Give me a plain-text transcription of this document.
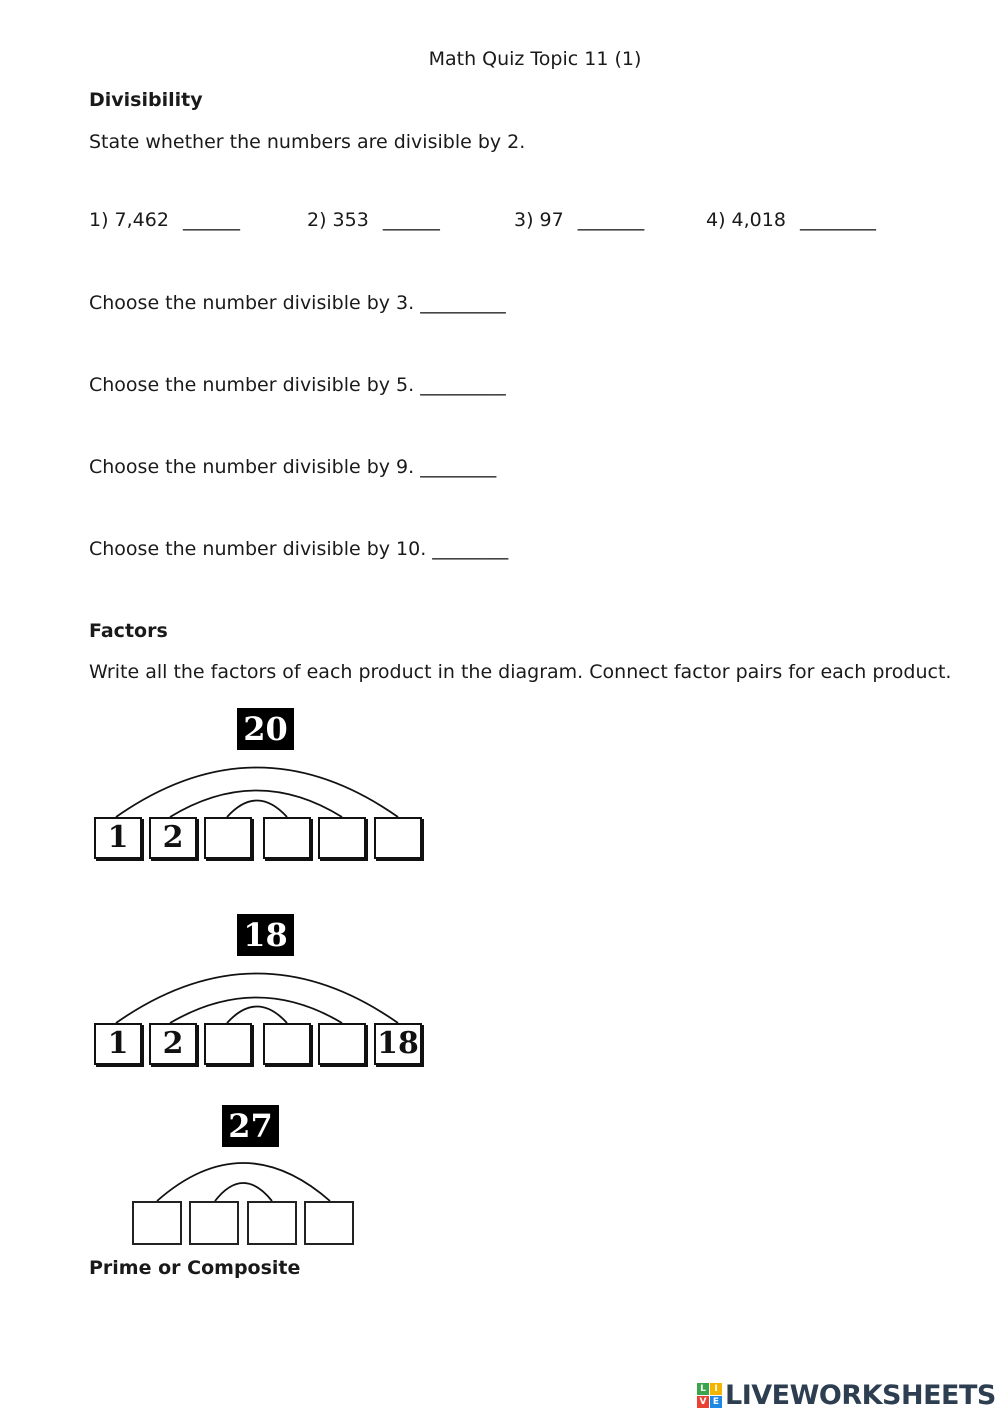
Math Quiz Topic 11 (1)
Divisibility
State whether the numbers are divisible by 2.
1) 7,462 ______	2) 353 ______	3) 97 _______	4) 4,018 ________
Choose the number divisible by 3. _________
Choose the number divisible by 5. _________
Choose the number divisible by 9. ________
Choose the number divisible by 10. ________
Factors
Write all the factors of each product in the diagram. Connect factor pairs for each product.
20
1	2
18
1	2	18
27
Prime or Composite
L I
V E LIVEWORKSHEETS
